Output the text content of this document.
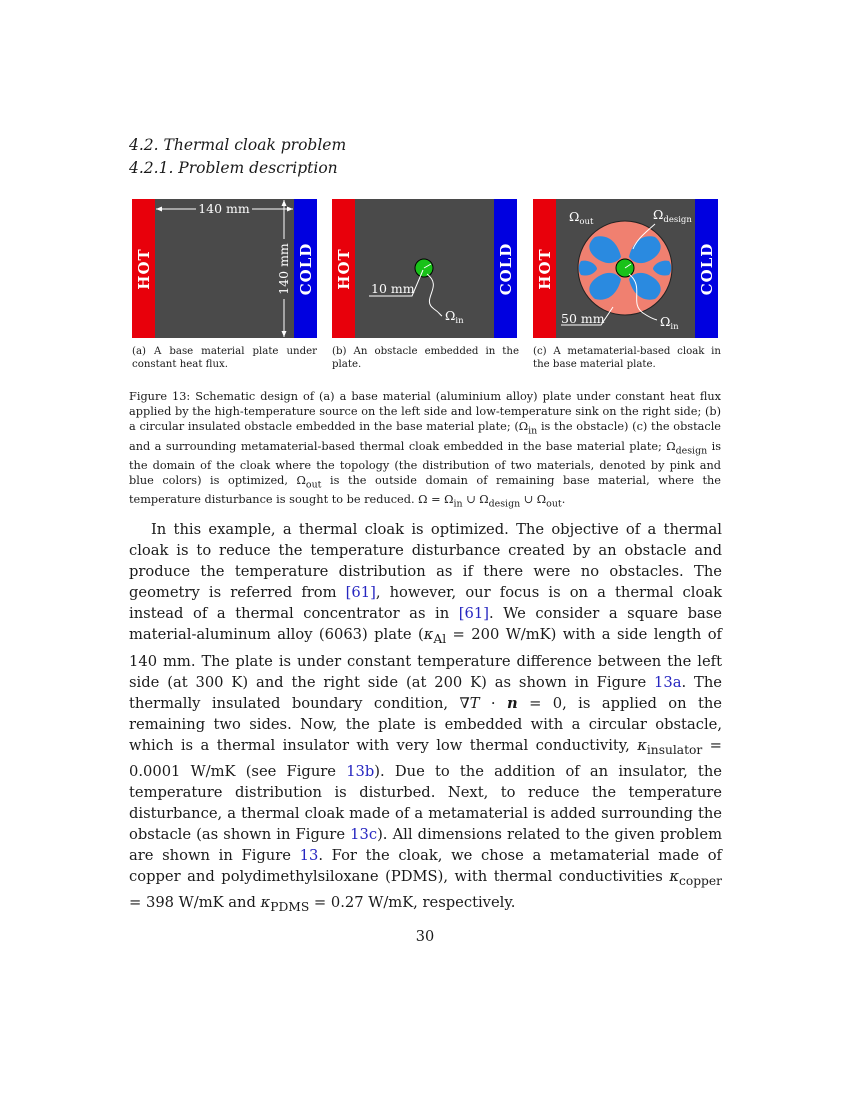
4.2. Thermal cloak problem
4.2.1. Problem description
HOT	COLD
140 mm
140 mm
(a) A base material plate under constant heat flux.
HOT	COLD
10 mm
$\Omega_{in}$
(b) An obstacle embedded in the plate.
HOT	COLD
50 mm
$\Omega_{out}$	$\Omega_{design}$
$\Omega_{in}$
(c) A metamaterial-based cloak in the base material plate.

Figure 13: Schematic design of (a) a base material (aluminium alloy) plate under constant heat flux applied by the high-temperature source on the left side and low-temperature sink on the right side; (b) a circular insulated obstacle embedded in the base material plate; ($\Omega_{in}$ is the obstacle) (c) the obstacle and a surrounding metamaterial-based thermal cloak embedded in the base material plate; $\Omega_{design}$ is the domain of the cloak where the topology (the distribution of two materials, denoted by pink and blue colors) is optimized, $\Omega_{out}$ is the outside domain of remaining base material, where the temperature disturbance is sought to be reduced. $\Omega = \Omega_{in}$ ∪ $\Omega_{design}$ ∪ $\Omega_{out}$.

In this example, a thermal cloak is optimized. The objective of a thermal cloak is to reduce the temperature disturbance created by an obstacle and produce the temperature distribution as if there were no obstacles. The geometry is referred from [61], however, our focus is on a thermal cloak instead of a thermal concentrator as in [61]. We consider a square base material-aluminum alloy (6063) plate ($\kappa_{Al} = 200$ W/mK) with a side length of 140 mm. The plate is under constant temperature difference between the left side (at 300 K) and the right side (at 200 K) as shown in Figure 13a. The thermally insulated boundary condition, ∇T · n = 0, is applied on the remaining two sides. Now, the plate is embedded with a circular obstacle, which is a thermal insulator with very low thermal conductivity, $\kappa_{insulator} = 0.0001$ W/mK (see Figure 13b). Due to the addition of an insulator, the temperature distribution is disturbed. Next, to reduce the temperature disturbance, a thermal cloak made of a metamaterial is added surrounding the obstacle (as shown in Figure 13c). All dimensions related to the given problem are shown in Figure 13. For the cloak, we chose a metamaterial made of copper and polydimethylsiloxane (PDMS), with thermal conductivities $\kappa_{copper} = 398$ W/mK and $\kappa_{PDMS} = 0.27$ W/mK, respectively.

30
